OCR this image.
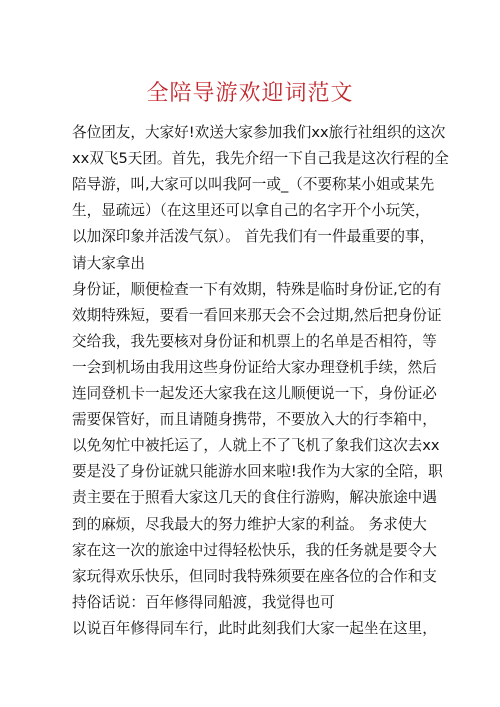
全陪导游欢迎词范文
各位团友，大家好!欢送大家参加我们xx旅行社组织的这次
xx双飞5天团。首先，我先介绍一下自己我是这次行程的全
陪导游，叫,大家可以叫我阿一或_（不要称某小姐或某先
生，显疏远）（在这里还可以拿自己的名字开个小玩笑，
以加深印象并活泼气氛）。 首先我们有一件最重要的事，
请大家拿出
身份证，顺便检查一下有效期，特殊是临时身份证,它的有
效期特殊短，要看一看回来那天会不会过期,然后把身份证
交给我，我先要核对身份证和机票上的名单是否相符，等
一会到机场由我用这些身份证给大家办理登机手续，然后
连同登机卡一起发还大家我在这儿顺便说一下，身份证必
需要保管好，而且请随身携带，不要放入大的行李箱中，
以免匆忙中被托运了，人就上不了飞机了象我们这次去xx
要是没了身份证就只能游水回来啦!我作为大家的全陪，职
责主要在于照看大家这几天的食住行游购，解决旅途中遇
到的麻烦，尽我最大的努力维护大家的利益。 务求使大
家在这一次的旅途中过得轻松快乐，我的任务就是要令大
家玩得欢乐快乐，但同时我特殊须要在座各位的合作和支
持俗话说：百年修得同船渡，我觉得也可
以说百年修得同车行，此时此刻我们大家一起坐在这里，
